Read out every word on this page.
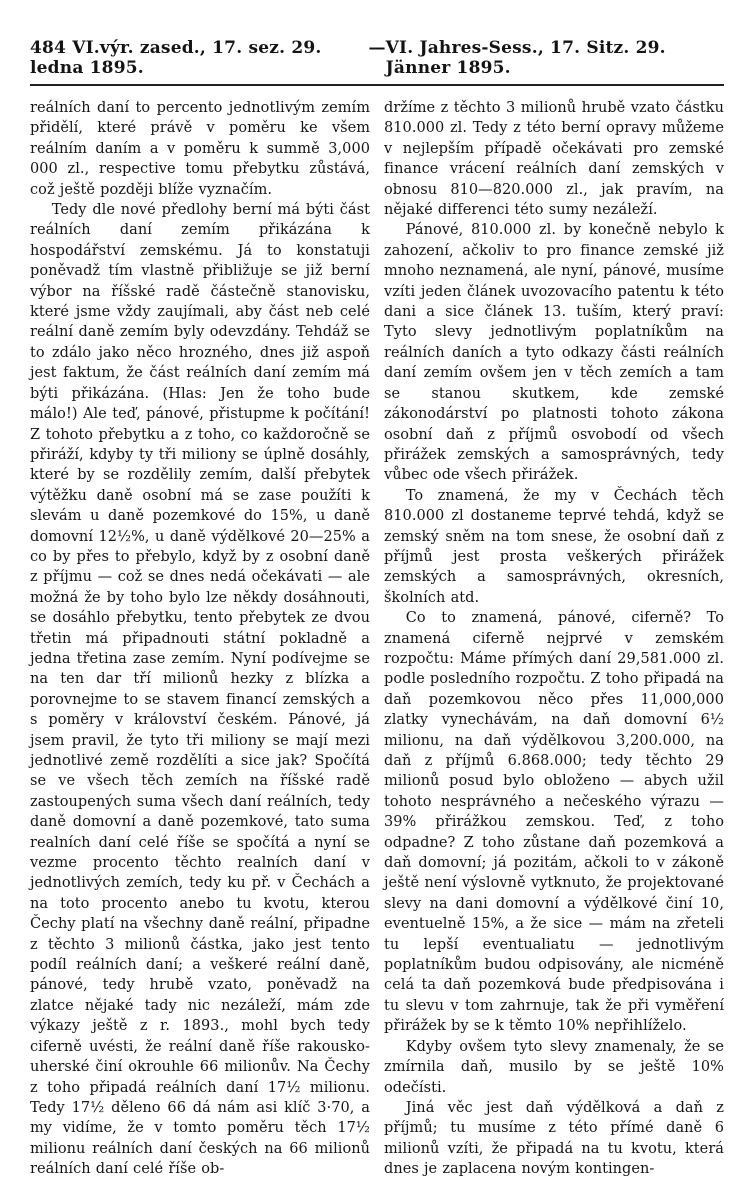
484 VI.výr. zased., 17. sez. 29. ledna 1895.
— VI. Jahres-Sess., 17. Sitz. 29. Jänner 1895.

reálních daní to percento jednotlivým zemím přidělí, které právě v poměru ke všem reálním daním a v poměru k summě 3,000 000 zl., respective tomu přebytku zůstává, což ještě později blíže vyznačím.

Tedy dle nové předlohy berní má býti část reálních daní zemím přikázána k hospodářství zemskému. Já to konstatuji poněvadž tím vlastně přibližuje se již berní výbor na říšské radě částečně stanovisku, které jsme vždy zaujímali, aby část neb celé reální daně zemím byly odevzdány. Tehdáž se to zdálo jako něco hrozného, dnes již aspoň jest faktum, že část reálních daní zemím má býti přikázána. (Hlas: Jen že toho bude málo!) Ale teď, pánové, přistupme k počítání! Z tohoto přebytku a z toho, co každoročně se přiráží, kdyby ty tři miliony se úplně dosáhly, které by se rozdělily zemím, další přebytek výtěžku daně osobní má se zase použíti k slevám u daně pozemkové do 15%, u daně domovní 12½%, u daně výdělkové 20—25% a co by přes to přebylo, když by z osobní daně z příjmu — což se dnes nedá očekávati — ale možná že by toho bylo lze někdy dosáhnouti, se dosáhlo přebytku, tento přebytek ze dvou třetin má připadnouti státní pokladně a jedna třetina zase zemím. Nyní podívejme se na ten dar tří milionů hezky z blízka a porovnejme to se stavem financí zemských a s poměry v království českém. Pánové, já jsem pravil, že tyto tři miliony se mají mezi jednotlivé země rozdělíti a sice jak? Spočítá se ve všech těch zemích na říšské radě zastoupených suma všech daní reálních, tedy daně domovní a daně pozemkové, tato suma realních daní celé říše se spočítá a nyní se vezme procento těchto realních daní v jednotlivých zemích, tedy ku př. v Čechách a na toto procento anebo tu kvotu, kterou Čechy platí na všechny daně reální, připadne z těchto 3 milionů částka, jako jest tento podíl reálních daní; a veškeré reální daně, pánové, tedy hrubě vzato, poněvadž na zlatce nějaké tady nic nezáleží, mám zde výkazy ještě z r. 1893., mohl bych tedy ciferně uvésti, že reální daně říše rakousko-uherské činí okrouhle 66 milionův. Na Čechy z toho připadá reálních daní 17½ milionu. Tedy 17½ děleno 66 dá nám asi klíč 3·70, a my vidíme, že v tomto poměru těch 17½ milionu reálních daní českých na 66 milionů reálních daní celé říše ob-

držíme z těchto 3 milionů hrubě vzato částku 810.000 zl. Tedy z této berní opravy můžeme v nejlepším případě očekávati pro zemské finance vrácení reálních daní zemských v obnosu 810—820.000 zl., jak pravím, na nějaké differenci této sumy nezáleží.

Pánové, 810.000 zl. by konečně nebylo k zahození, ačkoliv to pro finance zemské již mnoho neznamená, ale nyní, pánové, musíme vzíti jeden článek uvozovacího patentu k této dani a sice článek 13. tuším, který praví: Tyto slevy jednotlivým poplatníkům na reálních daních a tyto odkazy části reálních daní zemím ovšem jen v těch zemích a tam se stanou skutkem, kde zemské zákonodárství po platnosti tohoto zákona osobní daň z příjmů osvobodí od všech přirážek zemských a samosprávných, tedy vůbec ode všech přirážek.

To znamená, že my v Čechách těch 810.000 zl dostaneme teprvé tehdá, když se zemský sněm na tom snese, že osobní daň z příjmů jest prosta veškerých přirážek zemských a samosprávných, okresních, školních atd.

Co to znamená, pánové, ciferně? To znamená ciferně nejprvé v zemském rozpočtu: Máme přímých daní 29,581.000 zl. podle posledního rozpočtu. Z toho připadá na daň pozemkovou něco přes 11,000,000 zlatky vynechávám, na daň domovní 6½ milionu, na daň výdělkovou 3,200.000, na daň z příjmů 6.868.000; tedy těchto 29 milionů posud bylo obloženo — abych užil tohoto nesprávného a nečeského výrazu — 39% přirážkou zemskou. Teď, z toho odpadne? Z toho zůstane daň pozemková a daň domovní; já pozitám, ačkoli to v zákoně ještě není výslovně vytknuto, že projektované slevy na dani domovní a výdělkové činí 10, eventuelně 15%, a že sice — mám na zřeteli tu lepší eventualiatu — jednotlivým poplatníkům budou odpisovány, ale nicméně celá ta daň pozemková bude předpisována i tu slevu v tom zahrnuje, tak že při vyměření přirážek by se k těmto 10% nepřihlíželo.

Kdyby ovšem tyto slevy znamenaly, že se zmírnila daň, musilo by se ještě 10% odečísti.

Jiná věc jest daň výdělková a daň z příjmů; tu musíme z této přímé daně 6 milionů vzíti, že připadá na tu kvotu, která dnes je zaplacena novým kontingen-
